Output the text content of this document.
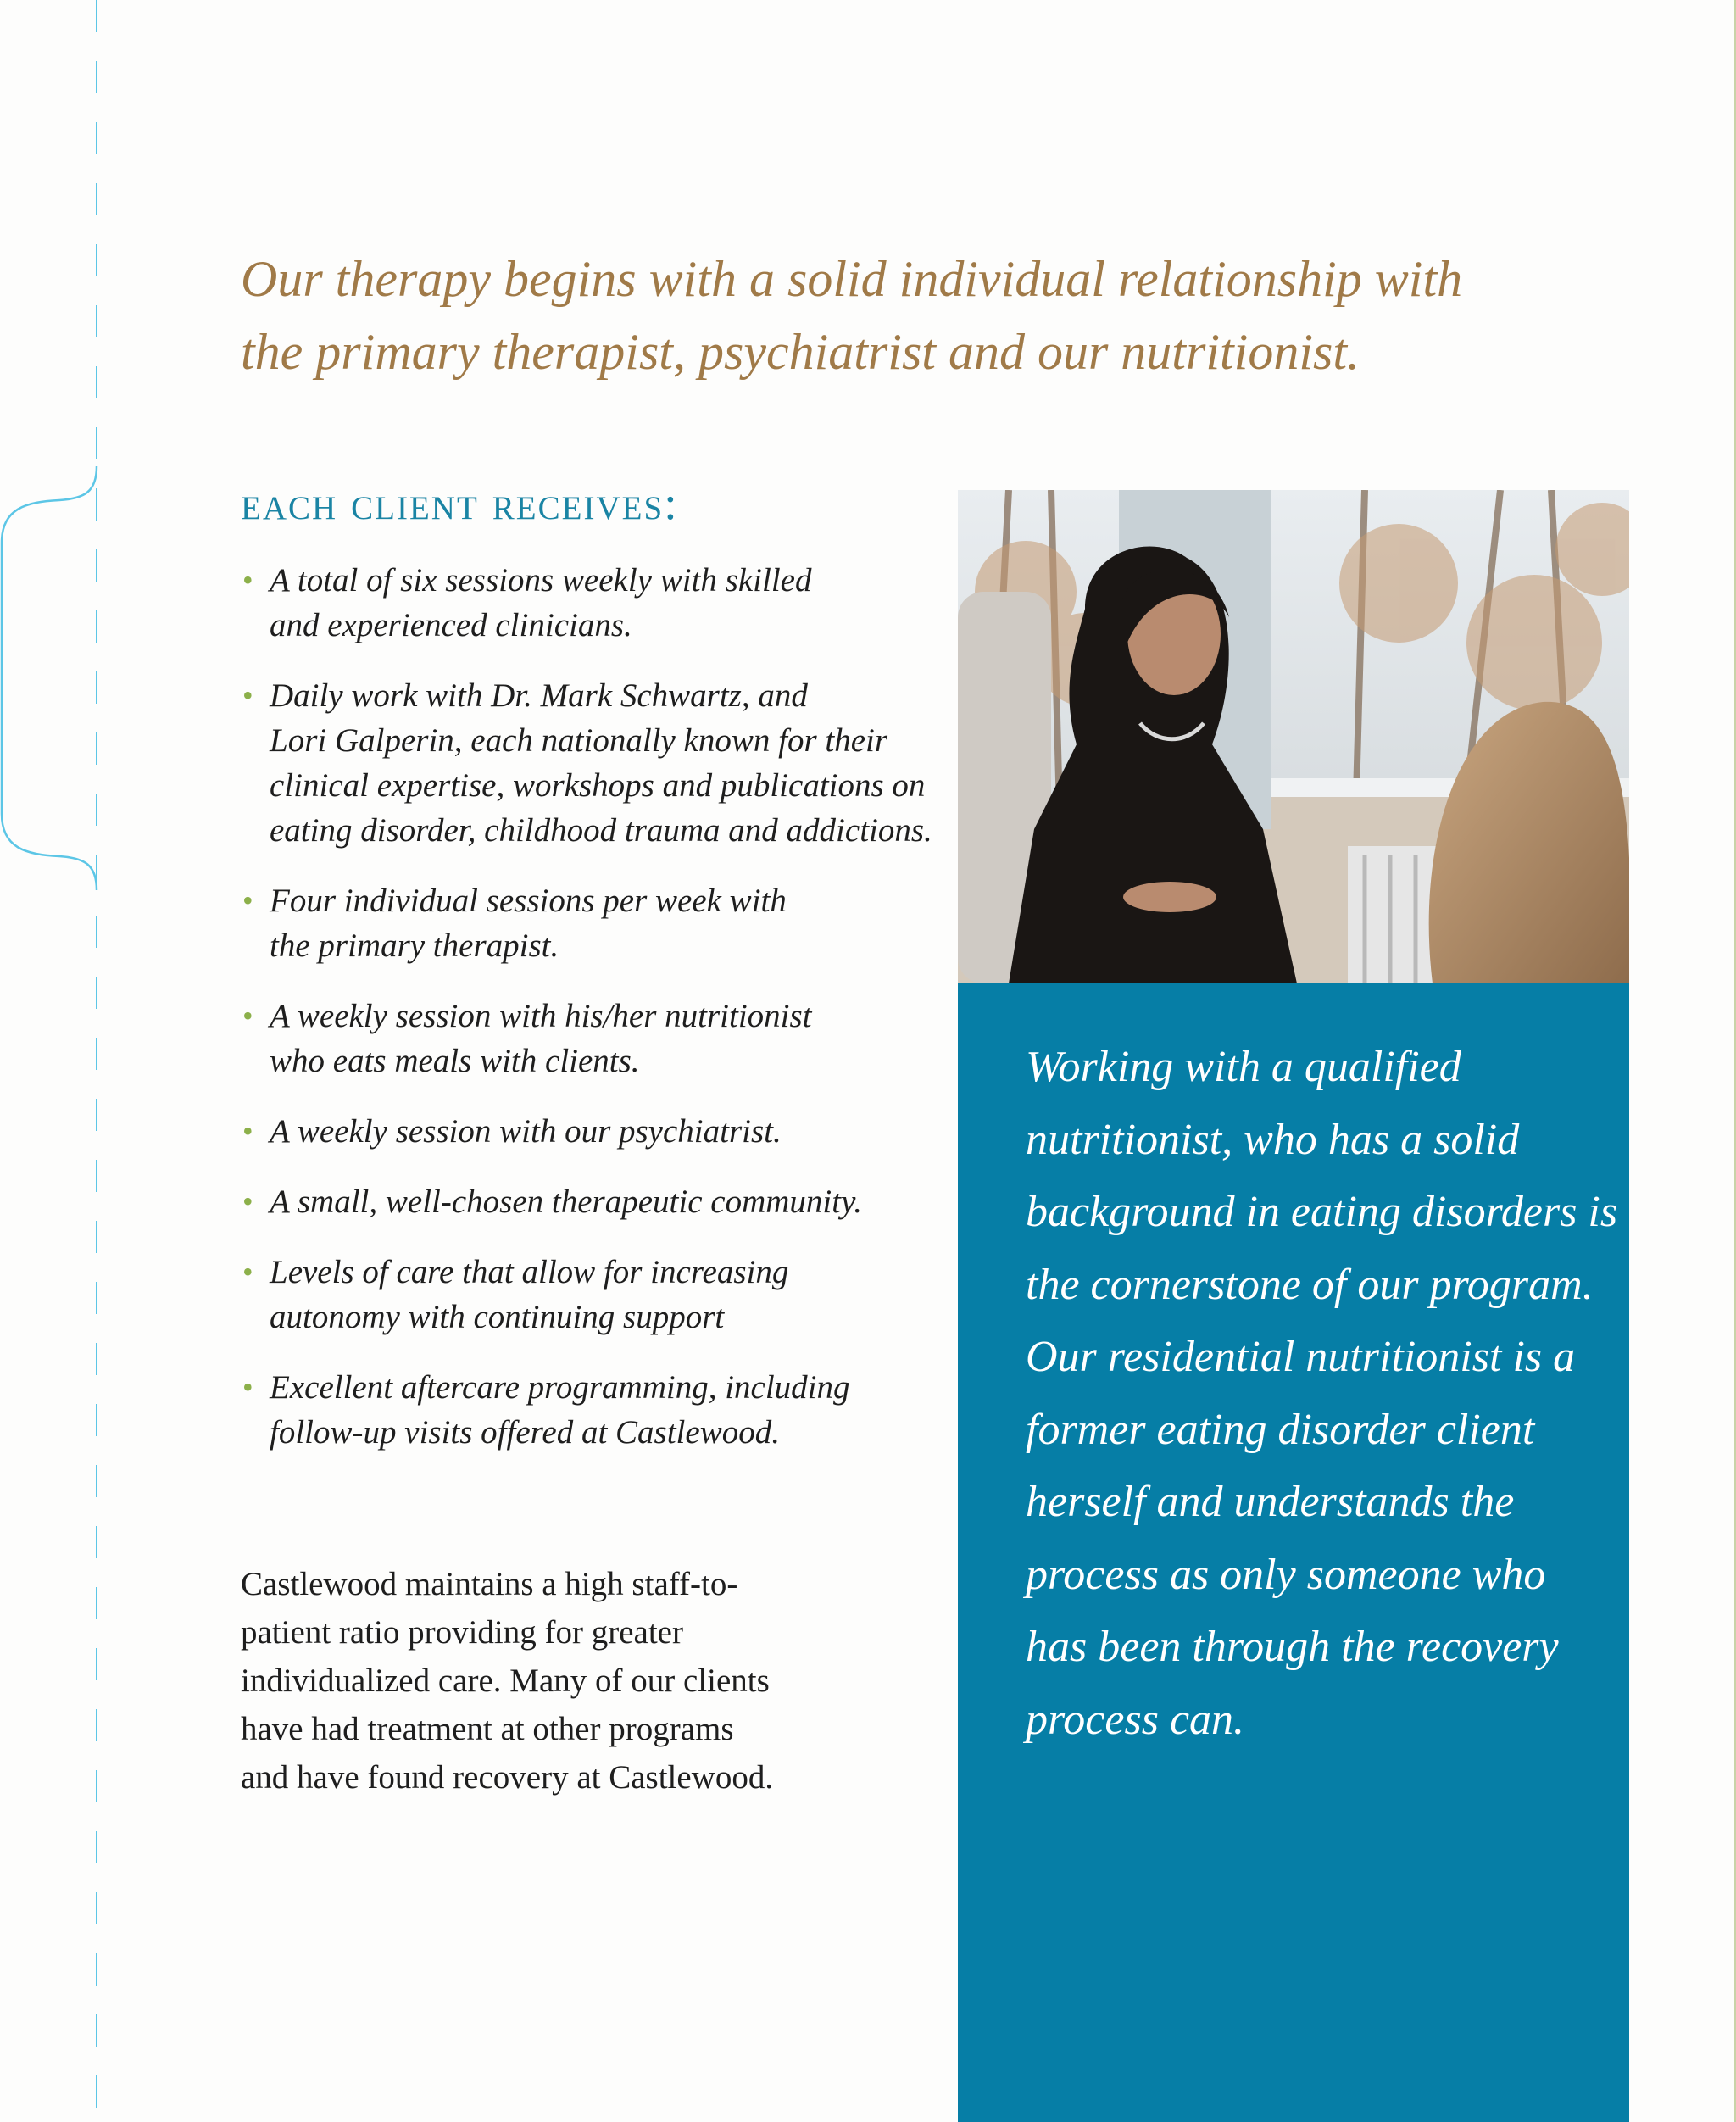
Our therapy begins with a solid individual relationship with
the primary therapist, psychiatrist and our nutritionist.
each client receives:
• A total of six sessions weekly with skilled
and experienced clinicians.
• Daily work with Dr. Mark Schwartz, and
Lori Galperin, each nationally known for their
clinical expertise, workshops and publications on
eating disorder, childhood trauma and addictions.
• Four individual sessions per week with
the primary therapist.
• A weekly session with his/her nutritionist
who eats meals with clients.
• A weekly session with our psychiatrist.
• A small, well-chosen therapeutic community.
• Levels of care that allow for increasing
autonomy with continuing support
• Excellent aftercare programming, including
follow-up visits offered at Castlewood.

Castlewood maintains a high staff-to-
patient ratio providing for greater
individualized care. Many of our clients
have had treatment at other programs
and have found recovery at Castlewood.

Working with a qualified
nutritionist, who has a solid
background in eating disorders is
the cornerstone of our program.
Our residential nutritionist is a
former eating disorder client
herself and understands the
process as only someone who
has been through the recovery
process can.
